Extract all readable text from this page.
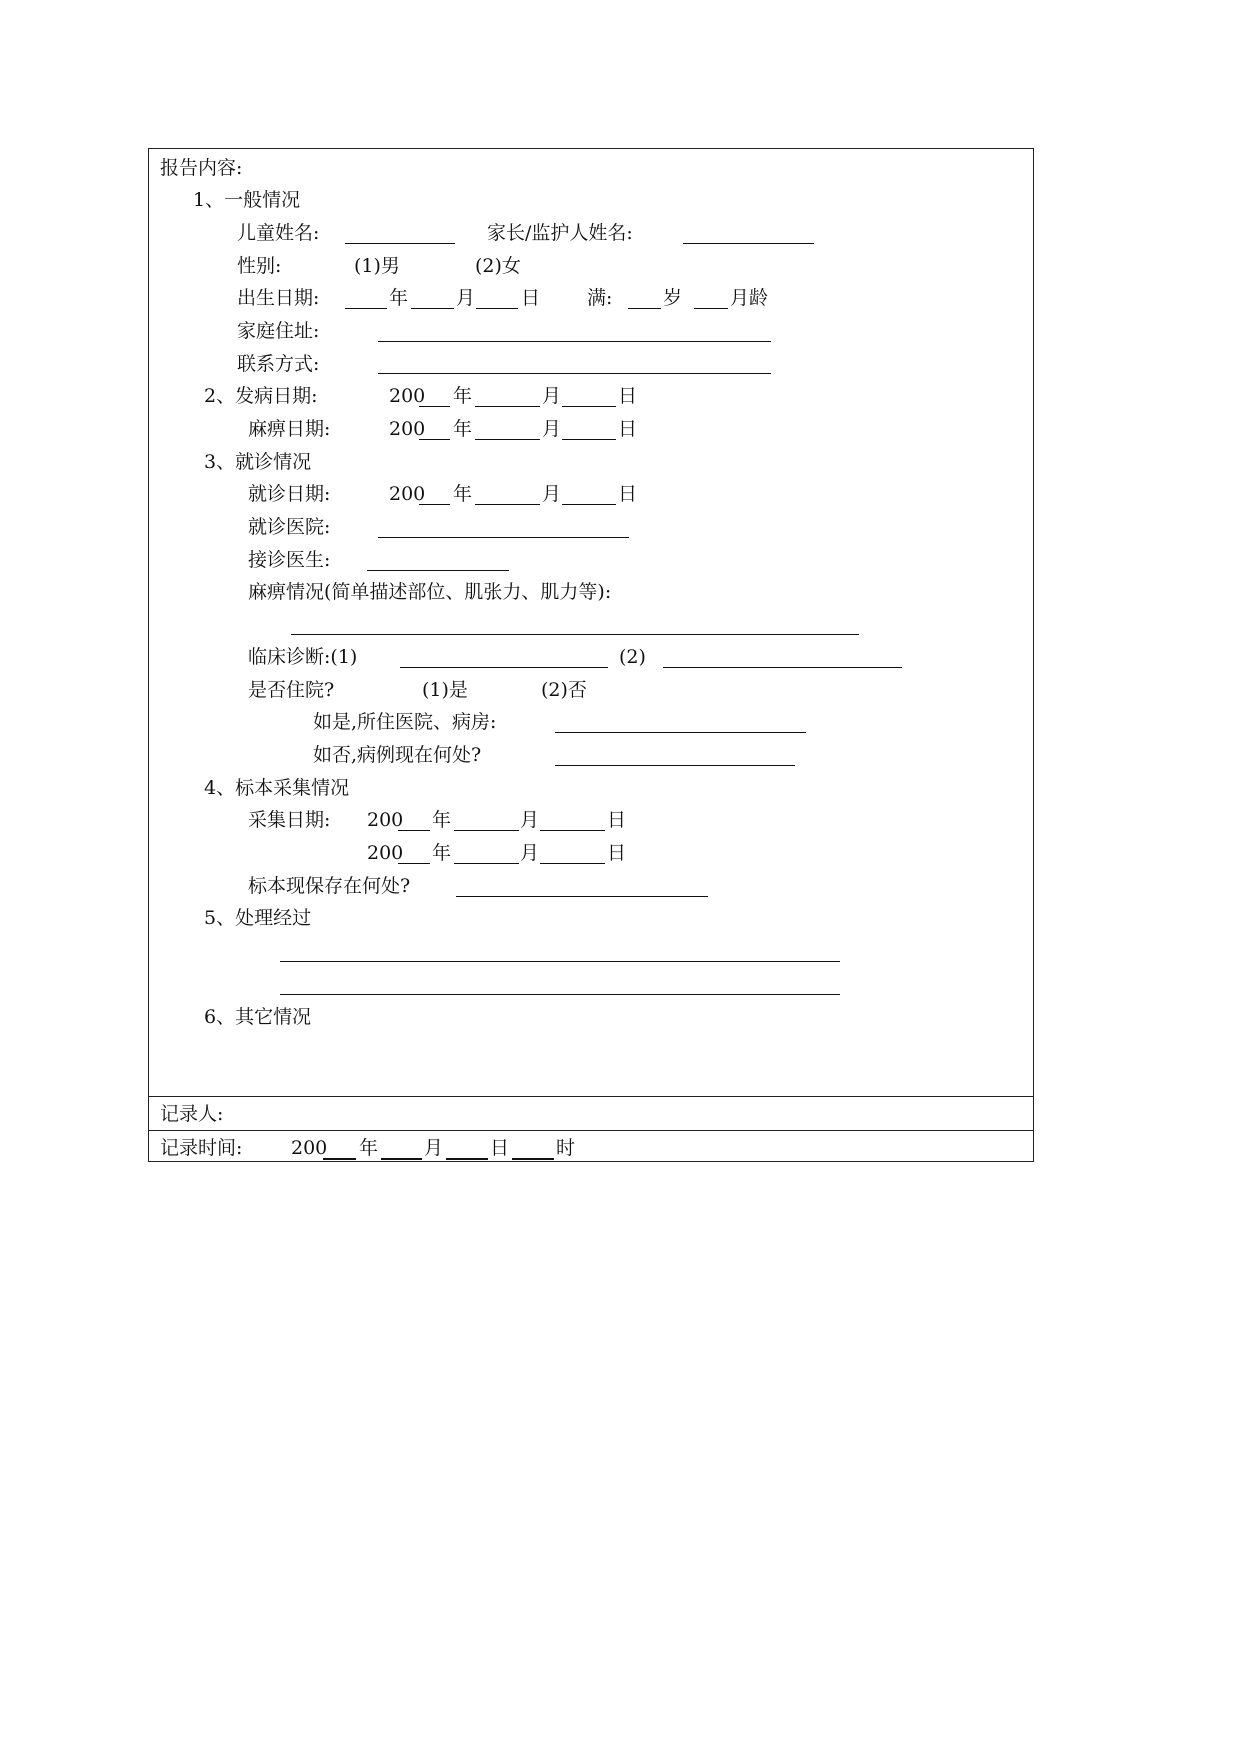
报告内容:
1、一般情况
儿童姓名:	家长/监护人姓名:
性别:	(1)男	(2)女
出生日期:	年	月 日 满:	岁	月龄
家庭住址:
联系方式:
2、发病日期:	200 年	月	日
麻痹日期:	200 年	月	日
3、就诊情况
就诊日期:	200 年	月	日
就诊医院:
接诊医生:
麻痹情况(简单描述部位、肌张力、肌力等):
临床诊断:(1)	(2)
是否住院?	(1)是	(2)否
如是,所住医院、病房:
如否,病例现在何处?
4、标本采集情况
采集日期: 200 年	月	日
200 年	月	日
标本现保存在何处?
5、处理经过
6、其它情况
记录人:
记录时间:	200 年 月 日 时
